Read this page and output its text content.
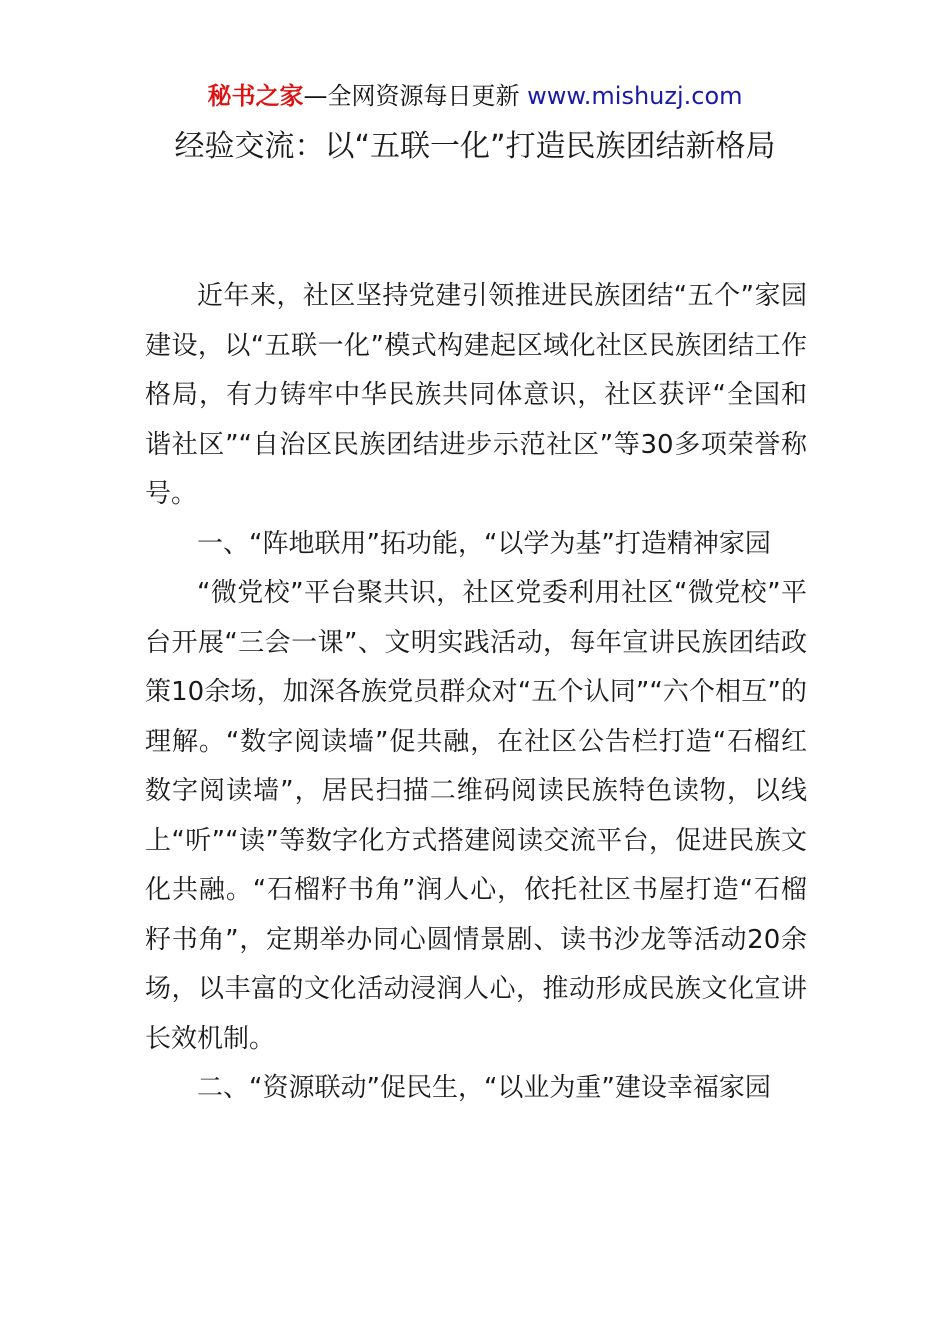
秘书之家—全网资源每日更新 www.mishuzj.com
经验交流：以“五联一化”打造民族团结新格局

近年来，社区坚持党建引领推进民族团结“五个”家园建设，以“五联一化”模式构建起区域化社区民族团结工作格局，有力铸牢中华民族共同体意识，社区获评“全国和谐社区”“自治区民族团结进步示范社区”等30多项荣誉称号。

一、“阵地联用”拓功能，“以学为基”打造精神家园

“微党校”平台聚共识，社区党委利用社区“微党校”平台开展“三会一课”、文明实践活动，每年宣讲民族团结政策10余场，加深各族党员群众对“五个认同”“六个相互”的理解。“数字阅读墙”促共融，在社区公告栏打造“石榴红数字阅读墙”，居民扫描二维码阅读民族特色读物，以线上“听”“读”等数字化方式搭建阅读交流平台，促进民族文化共融。“石榴籽书角”润人心，依托社区书屋打造“石榴籽书角”，定期举办同心圆情景剧、读书沙龙等活动20余场，以丰富的文化活动浸润人心，推动形成民族文化宣讲长效机制。

二、“资源联动”促民生，“以业为重”建设幸福家园
